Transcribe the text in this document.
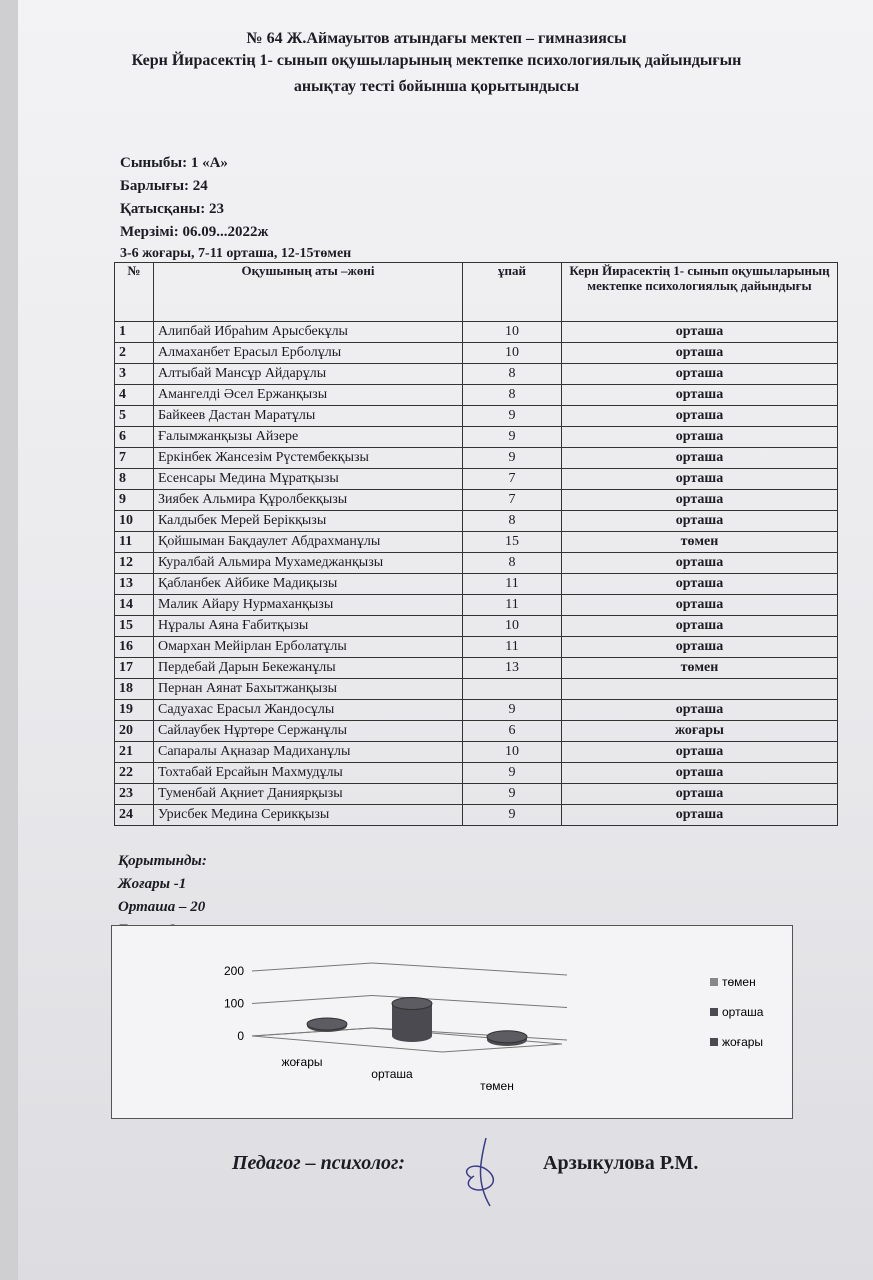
№ 64 Ж.Аймауытов атындағы мектеп – гимназиясы
Керн Йирасектің 1- сынып оқушыларының мектепке психологиялық дайындығын
анықтау тесті бойынша қорытындысы
Сыныбы: 1 «А»
Барлығы: 24
Қатысқаны: 23
Мерзімі: 06.09...2022ж
3-6 жоғары, 7-11 орташа, 12-15төмен
№	Оқушының аты –жөні	ұпай	Керн Йирасектің 1- сынып оқушыларының мектепке психологиялық дайындығы
1	Алипбай Ибраһим Арысбекұлы	10	орташа
2	Алмаханбет Ерасыл Ерболұлы	10	орташа
3	Алтыбай Мансұр Айдарұлы	8	орташа
4	Амангелді Әсел Ержанқызы	8	орташа
5	Байкеев Дастан Маратұлы	9	орташа
6	Ғалымжанқызы Айзере	9	орташа
7	Еркінбек Жансезім Рүстембекқызы	9	орташа
8	Есенсары Медина Мұратқызы	7	орташа
9	Зиябек Альмира Құролбекқызы	7	орташа
10	Калдыбек Мерей Берікқызы	8	орташа
11	Қойшыман Бақдаулет Абдрахманұлы	15	төмен
12	Куралбай Альмира Мухамеджанқызы	8	орташа
13	Қабланбек Айбике Мадиқызы	11	орташа
14	Малик Айару Нурмаханқызы	11	орташа
15	Нұралы Аяна Ғабитқызы	10	орташа
16	Омархан Мейірлан Ерболатұлы	11	орташа
17	Пердебай Дарын Бекежанұлы	13	төмен
18	Пернан Аянат Бахытжанқызы		
19	Садуахас Ерасыл Жандосұлы	9	орташа
20	Сайлаубек Нұртөре Сержанұлы	6	жоғары
21	Сапаралы Ақназар Мадиханұлы	10	орташа
22	Тохтабай Ерсайын Махмудұлы	9	орташа
23	Туменбай Ақниет Даниярқызы	9	орташа
24	Урисбек Медина Серикқызы	9	орташа
Қорытынды:
Жоғары -1
Орташа – 20
0
100
200
жоғары
орташа
төмен
төмен
орташа
жоғары
Педагог – психолог:	Арзыкулова Р.М.
